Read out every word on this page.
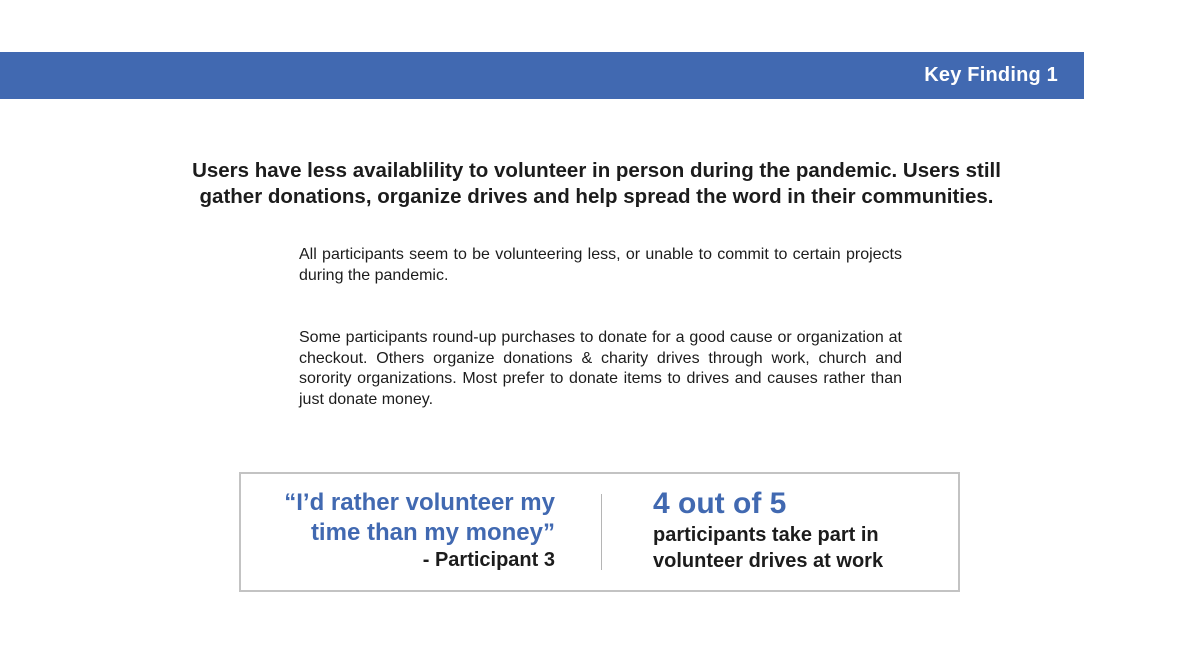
Key Finding 1
Users have less availablility to volunteer in person during the pandemic. Users still
gather donations, organize drives and help spread the word in their communities.
All participants seem to be volunteering less, or unable to commit to certain projects during the pandemic.
Some participants round-up purchases to donate for a good cause or organization at checkout. Others organize donations & charity drives through work, church and sorority organizations. Most prefer to donate items to drives and causes rather than just donate money.
“I’d rather volunteer my
time than my money”
- Participant 3
4 out of 5
participants take part in
volunteer drives at work
